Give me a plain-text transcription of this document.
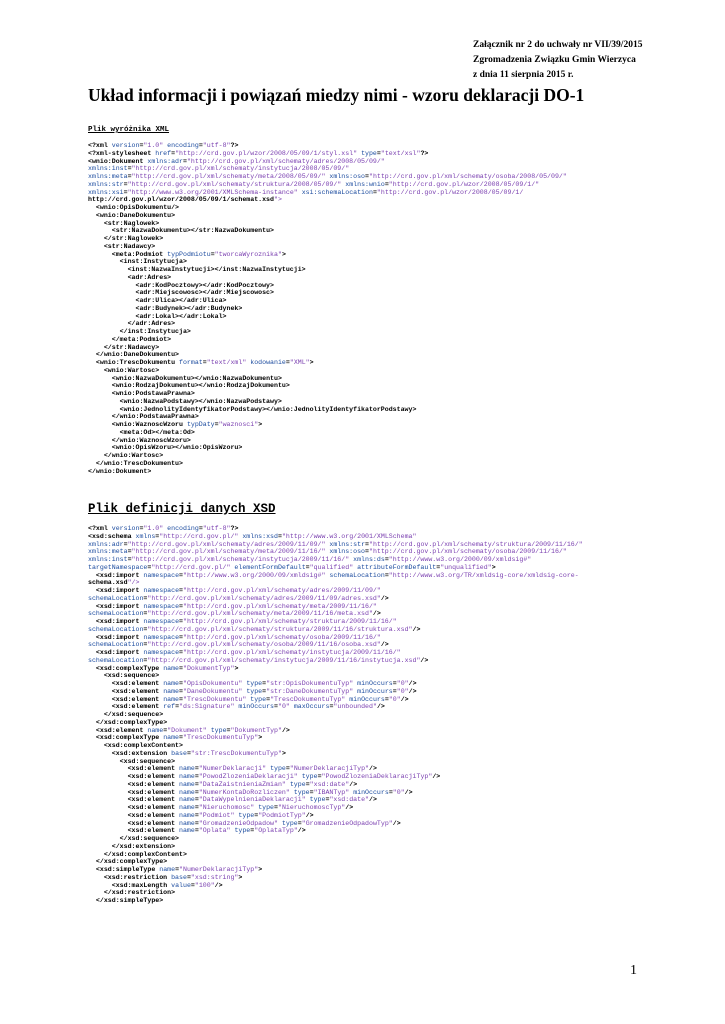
Załącznik nr 2 do uchwały nr VII/39/2015
Zgromadzenia Związku Gmin Wierzyca
z dnia 11 sierpnia 2015 r.
Układ informacji i powiązań miedzy nimi - wzoru deklaracji DO-1
Plik wyróżnika XML
<?xml version="1.0" encoding="utf-8"?>
<?xml-stylesheet href="http://crd.gov.pl/wzor/2008/05/09/1/styl.xsl" type="text/xsl"?>
<wnio:Dokument xmlns:adr="http://crd.gov.pl/xml/schematy/adres/2008/05/09/"
xmlns:inst="http://crd.gov.pl/xml/schematy/instytucja/2008/05/09/"
xmlns:meta="http://crd.gov.pl/xml/schematy/meta/2008/05/09/" xmlns:oso="http://crd.gov.pl/xml/schematy/osoba/2008/05/09/"
xmlns:str="http://crd.gov.pl/xml/schematy/struktura/2008/05/09/" xmlns:wnio="http://crd.gov.pl/wzor/2008/05/09/1/"
xmlns:xsi="http://www.w3.org/2001/XMLSchema-instance" xsi:schemaLocation="http://crd.gov.pl/wzor/2008/05/09/1/
http://crd.gov.pl/wzor/2008/05/09/1/schemat.xsd">
<wnio:OpisDokumentu/>
<wnio:DaneDokumentu>
<str:Naglowek>
<str:NazwaDokumentu></str:NazwaDokumentu>
</str:Naglowek>
<str:Nadawcy>
<meta:Podmiot typPodmiotu="tworcaWyroznika">
<inst:Instytucja>
<inst:NazwaInstytucji></inst:NazwaInstytucji>
<adr:Adres>
<adr:KodPocztowy></adr:KodPocztowy>
<adr:Miejscowosc></adr:Miejscowosc>
<adr:Ulica></adr:Ulica>
<adr:Budynek></adr:Budynek>
<adr:Lokal></adr:Lokal>
</adr:Adres>
</inst:Instytucja>
</meta:Podmiot>
</str:Nadawcy>
</wnio:DaneDokumentu>
<wnio:TrescDokumentu format="text/xml" kodowanie="XML">
<wnio:Wartosc>
<wnio:NazwaDokumentu></wnio:NazwaDokumentu>
<wnio:RodzajDokumentu></wnio:RodzajDokumentu>
<wnio:PodstawaPrawna>
<wnio:NazwaPodstawy></wnio:NazwaPodstawy>
<wnio:JednolityIdentyfikatorPodstawy></wnio:JednolityIdentyfikatorPodstawy>
</wnio:PodstawaPrawna>
<wnio:WaznoscWzoru typDaty="waznosci">
<meta:Od></meta:Od>
</wnio:WaznoscWzoru>
<wnio:OpisWzoru></wnio:OpisWzoru>
</wnio:Wartosc>
</wnio:TrescDokumentu>
</wnio:Dokument>
Plik definicji danych XSD
<?xml version="1.0" encoding="utf-8"?>
<xsd:schema xmlns="http://crd.gov.pl/" xmlns:xsd="http://www.w3.org/2001/XMLSchema"
xmlns:adr="http://crd.gov.pl/xml/schematy/adres/2009/11/09/" xmlns:str="http://crd.gov.pl/xml/schematy/struktura/2009/11/16/"
xmlns:meta="http://crd.gov.pl/xml/schematy/meta/2009/11/16/" xmlns:oso="http://crd.gov.pl/xml/schematy/osoba/2009/11/16/"
xmlns:inst="http://crd.gov.pl/xml/schematy/instytucja/2009/11/16/" xmlns:ds="http://www.w3.org/2000/09/xmldsig#"
targetNamespace="http://crd.gov.pl/" elementFormDefault="qualified" attributeFormDefault="unqualified">
<xsd:import namespace="http://www.w3.org/2000/09/xmldsig#" schemaLocation="http://www.w3.org/TR/xmldsig-core/xmldsig-core-
schema.xsd"/>
<xsd:import namespace="http://crd.gov.pl/xml/schematy/adres/2009/11/09/"
schemaLocation="http://crd.gov.pl/xml/schematy/adres/2009/11/09/adres.xsd"/>
<xsd:import namespace="http://crd.gov.pl/xml/schematy/meta/2009/11/16/"
schemaLocation="http://crd.gov.pl/xml/schematy/meta/2009/11/16/meta.xsd"/>
<xsd:import namespace="http://crd.gov.pl/xml/schematy/struktura/2009/11/16/"
schemaLocation="http://crd.gov.pl/xml/schematy/struktura/2009/11/16/struktura.xsd"/>
<xsd:import namespace="http://crd.gov.pl/xml/schematy/osoba/2009/11/16/"
schemaLocation="http://crd.gov.pl/xml/schematy/osoba/2009/11/16/osoba.xsd"/>
<xsd:import namespace="http://crd.gov.pl/xml/schematy/instytucja/2009/11/16/"
schemaLocation="http://crd.gov.pl/xml/schematy/instytucja/2009/11/16/instytucja.xsd"/>
<xsd:complexType name="DokumentTyp">
<xsd:sequence>
<xsd:element name="OpisDokumentu" type="str:OpisDokumentuTyp" minOccurs="0"/>
<xsd:element name="DaneDokumentu" type="str:DaneDokumentuTyp" minOccurs="0"/>
<xsd:element name="TrescDokumentu" type="TrescDokumentuTyp" minOccurs="0"/>
<xsd:element ref="ds:Signature" minOccurs="0" maxOccurs="unbounded"/>
</xsd:sequence>
</xsd:complexType>
<xsd:element name="Dokument" type="DokumentTyp"/>
<xsd:complexType name="TrescDokumentuTyp">
<xsd:complexContent>
<xsd:extension base="str:TrescDokumentuTyp">
<xsd:sequence>
<xsd:element name="NumerDeklaracji" type="NumerDeklaracjiTyp"/>
<xsd:element name="PowodZlozeniaDeklaracji" type="PowodZlozeniaDeklaracjiTyp"/>
<xsd:element name="DataZaistnieniaZmian" type="xsd:date"/>
<xsd:element name="NumerKontaDoRozliczen" type="IBANTyp" minOccurs="0"/>
<xsd:element name="DataWypelnieniaDeklaracji" type="xsd:date"/>
<xsd:element name="Nieruchomosc" type="NieruchomoscTyp"/>
<xsd:element name="Podmiot" type="PodmiotTyp"/>
<xsd:element name="GromadzenieOdpadow" type="GromadzenieOdpadowTyp"/>
<xsd:element name="Oplata" type="OplataTyp"/>
</xsd:sequence>
</xsd:extension>
</xsd:complexContent>
</xsd:complexType>
<xsd:simpleType name="NumerDeklaracjiTyp">
<xsd:restriction base="xsd:string">
<xsd:maxLength value="100"/>
</xsd:restriction>
</xsd:simpleType>
1
